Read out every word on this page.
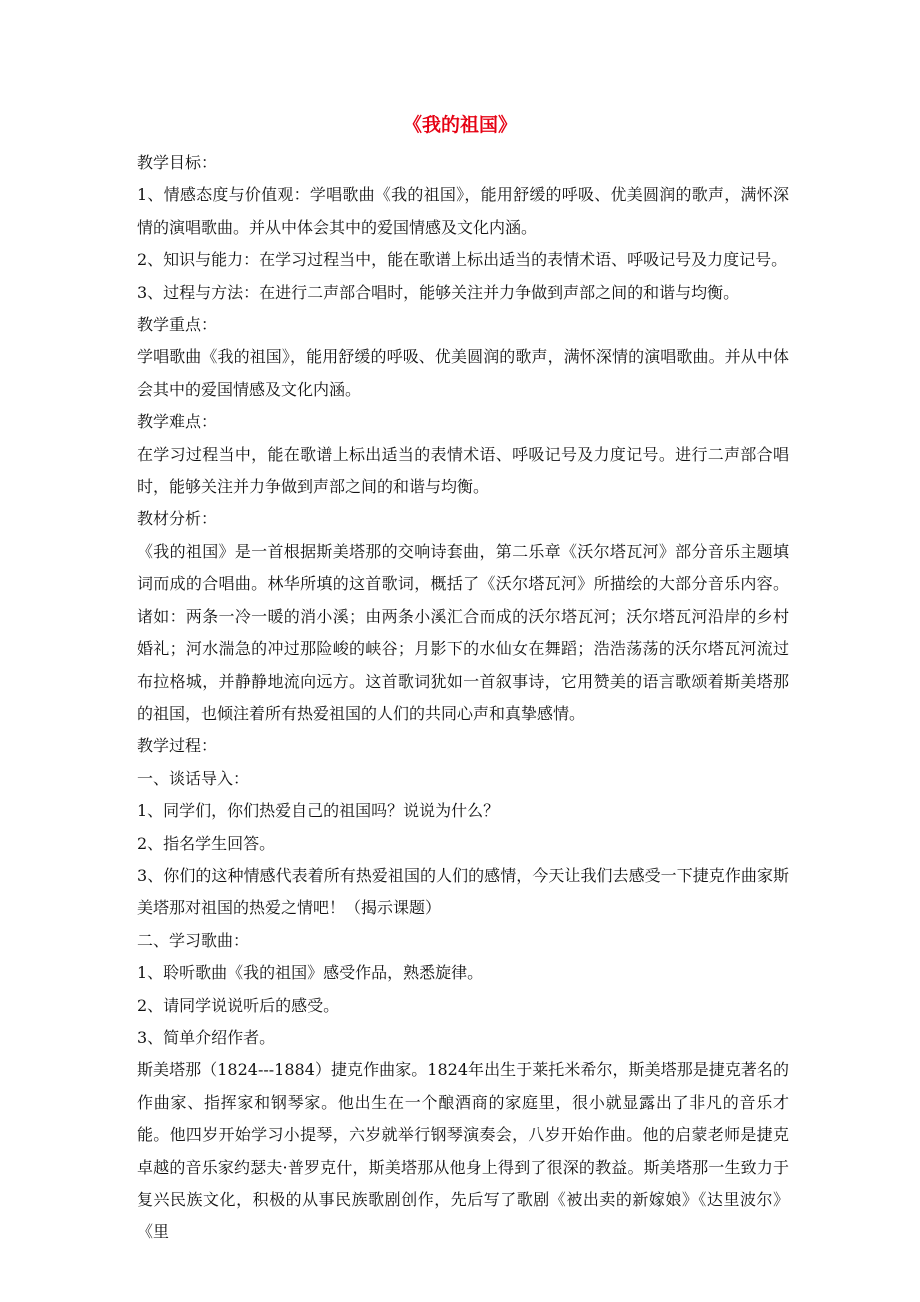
《我的祖国》

教学目标：

1、情感态度与价值观：学唱歌曲《我的祖国》，能用舒缓的呼吸、优美圆润的歌声，满怀深情的演唱歌曲。并从中体会其中的爱国情感及文化内涵。

2、知识与能力：在学习过程当中，能在歌谱上标出适当的表情术语、呼吸记号及力度记号。

3、过程与方法：在进行二声部合唱时，能够关注并力争做到声部之间的和谐与均衡。

教学重点：

学唱歌曲《我的祖国》，能用舒缓的呼吸、优美圆润的歌声，满怀深情的演唱歌曲。并从中体会其中的爱国情感及文化内涵。

教学难点：

在学习过程当中，能在歌谱上标出适当的表情术语、呼吸记号及力度记号。进行二声部合唱时，能够关注并力争做到声部之间的和谐与均衡。

教材分析：

《我的祖国》是一首根据斯美塔那的交响诗套曲，第二乐章《沃尔塔瓦河》部分音乐主题填词而成的合唱曲。林华所填的这首歌词，概括了《沃尔塔瓦河》所描绘的大部分音乐内容。诸如：两条一冷一暖的消小溪；由两条小溪汇合而成的沃尔塔瓦河；沃尔塔瓦河沿岸的乡村婚礼；河水湍急的冲过那险峻的峡谷；月影下的水仙女在舞蹈；浩浩荡荡的沃尔塔瓦河流过布拉格城，并静静地流向远方。这首歌词犹如一首叙事诗，它用赞美的语言歌颂着斯美塔那的祖国，也倾注着所有热爱祖国的人们的共同心声和真挚感情。

教学过程：

一、谈话导入：

1、同学们，你们热爱自己的祖国吗？说说为什么？

2、指名学生回答。

3、你们的这种情感代表着所有热爱祖国的人们的感情，今天让我们去感受一下捷克作曲家斯美塔那对祖国的热爱之情吧！（揭示课题）

二、学习歌曲：

1、聆听歌曲《我的祖国》感受作品，熟悉旋律。

2、请同学说说听后的感受。

3、简单介绍作者。

斯美塔那（1824---1884）捷克作曲家。1824年出生于莱托米希尔，斯美塔那是捷克著名的作曲家、指挥家和钢琴家。他出生在一个酿酒商的家庭里，很小就显露出了非凡的音乐才能。他四岁开始学习小提琴，六岁就举行钢琴演奏会，八岁开始作曲。他的启蒙老师是捷克卓越的音乐家约瑟夫·普罗克什，斯美塔那从他身上得到了很深的教益。斯美塔那一生致力于复兴民族文化，积极的从事民族歌剧创作，先后写了歌剧《被出卖的新嫁娘》《达里波尔》《里
